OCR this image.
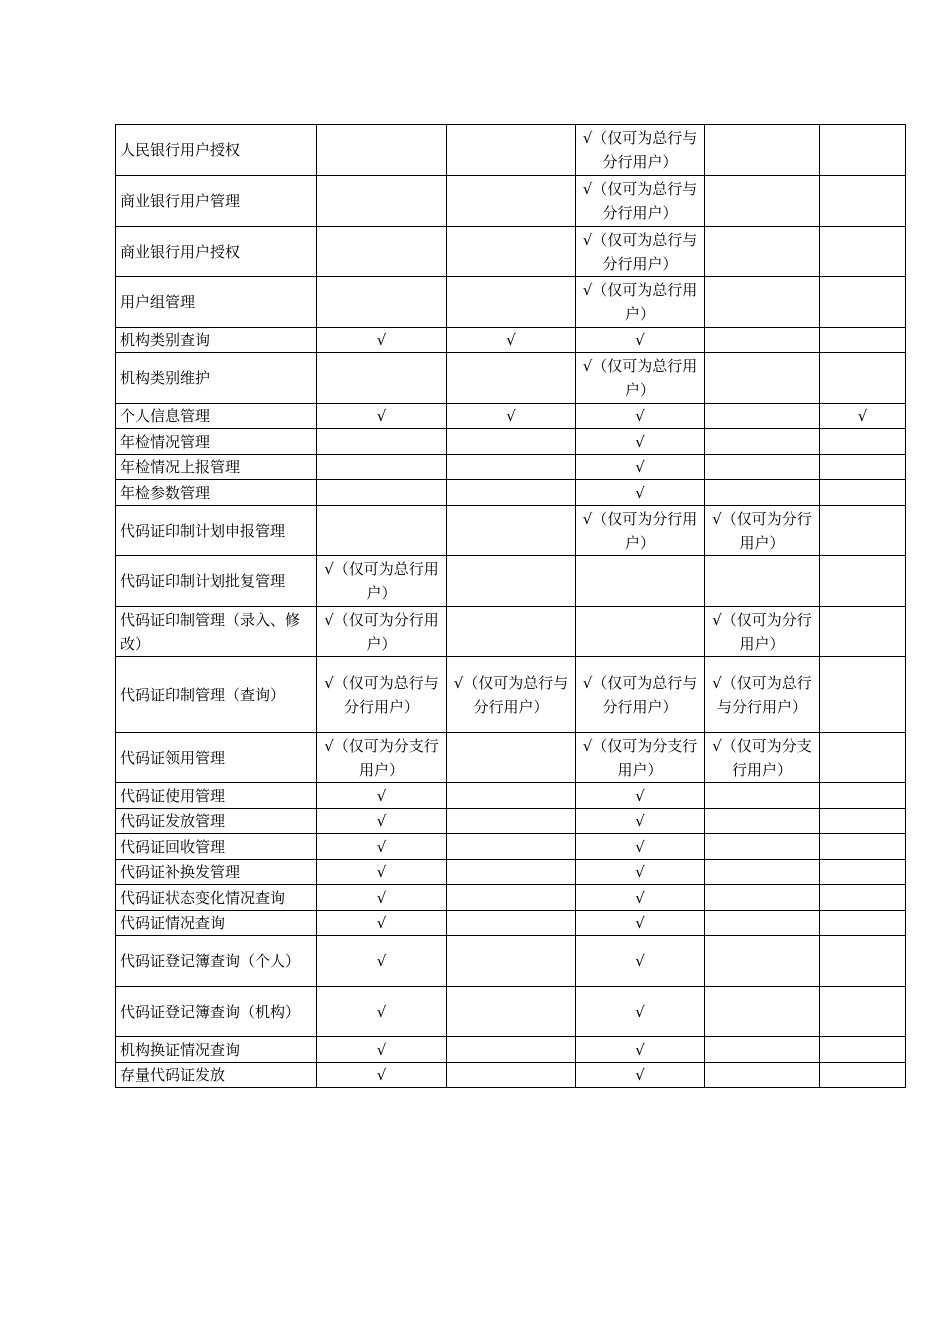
人民银行用户授权			√（仅可为总行与分行用户）		
商业银行用户管理			√（仅可为总行与分行用户）		
商业银行用户授权			√（仅可为总行与分行用户）		
用户组管理			√（仅可为总行用户）		
机构类别查询	√	√	√		
机构类别维护			√（仅可为总行用户）		
个人信息管理	√	√	√		√
年检情况管理			√		
年检情况上报管理			√		
年检参数管理			√		
代码证印制计划申报管理			√（仅可为分行用户）	√（仅可为分行用户）	
代码证印制计划批复管理	√（仅可为总行用户）				
代码证印制管理（录入、修改）	√（仅可为分行用户）			√（仅可为分行用户）	
代码证印制管理（查询）	√（仅可为总行与分行用户）	√（仅可为总行与分行用户）	√（仅可为总行与分行用户）	√（仅可为总行与分行用户）	
代码证领用管理	√（仅可为分支行用户）		√（仅可为分支行用户）	√（仅可为分支行用户）	
代码证使用管理	√		√		
代码证发放管理	√		√		
代码证回收管理	√		√		
代码证补换发管理	√		√		
代码证状态变化情况查询	√		√		
代码证情况查询	√		√		
代码证登记簿查询（个人）	√		√		
代码证登记簿查询（机构）	√		√		
机构换证情况查询	√		√		
存量代码证发放	√		√		
